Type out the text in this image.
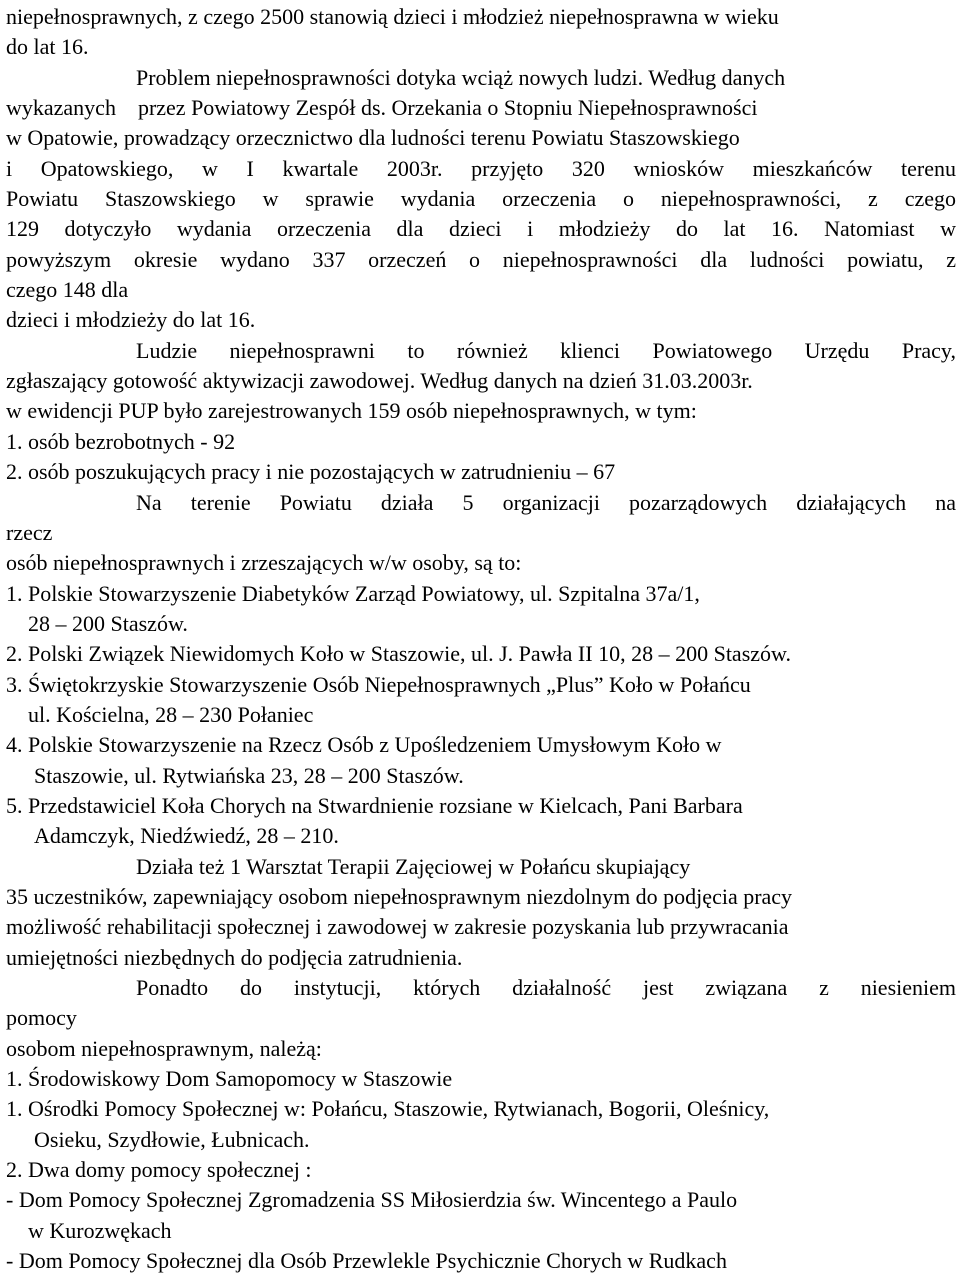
niepełnosprawnych, z czego 2500 stanowią dzieci i młodzież niepełnosprawna w wieku
do lat 16.
Problem niepełnosprawności dotyka wciąż nowych ludzi. Według danych
wykazanych    przez Powiatowy Zespół ds. Orzekania o Stopniu Niepełnosprawności
w Opatowie, prowadzący orzecznictwo dla ludności terenu Powiatu Staszowskiego
i Opatowskiego, w I kwartale 2003r. przyjęto 320 wniosków mieszkańców terenu
Powiatu Staszowskiego w sprawie wydania orzeczenia o niepełnosprawności, z czego
129 dotyczyło wydania orzeczenia dla dzieci i młodzieży do lat 16. Natomiast w
powyższym okresie wydano 337 orzeczeń o niepełnosprawności dla ludności powiatu, z
czego 148 dla
dzieci i młodzieży do lat 16.
Ludzie niepełnosprawni to również klienci Powiatowego Urzędu Pracy,
zgłaszający gotowość aktywizacji zawodowej. Według danych na dzień 31.03.2003r.
w ewidencji PUP było zarejestrowanych 159 osób niepełnosprawnych, w tym:
1. osób bezrobotnych - 92
2. osób poszukujących pracy i nie pozostających w zatrudnieniu – 67
Na terenie Powiatu działa 5 organizacji pozarządowych działających na
rzecz
osób niepełnosprawnych i zrzeszających w/w osoby, są to:
1. Polskie Stowarzyszenie Diabetyków Zarząd Powiatowy, ul. Szpitalna 37a/1,
28 – 200 Staszów.
2. Polski Związek Niewidomych Koło w Staszowie, ul. J. Pawła II 10, 28 – 200 Staszów.
3. Świętokrzyskie Stowarzyszenie Osób Niepełnosprawnych „Plus” Koło w Połańcu
ul. Kościelna, 28 – 230 Połaniec
4. Polskie Stowarzyszenie na Rzecz Osób z Upośledzeniem Umysłowym Koło w
Staszowie, ul. Rytwiańska 23, 28 – 200 Staszów.
5. Przedstawiciel Koła Chorych na Stwardnienie rozsiane w Kielcach, Pani Barbara
Adamczyk, Niedźwiedź, 28 – 210.
Działa też 1 Warsztat Terapii Zajęciowej w Połańcu skupiający
35 uczestników, zapewniający osobom niepełnosprawnym niezdolnym do podjęcia pracy
możliwość rehabilitacji społecznej i zawodowej w zakresie pozyskania lub przywracania
umiejętności niezbędnych do podjęcia zatrudnienia.
Ponadto do instytucji, których działalność jest związana z niesieniem
pomocy
osobom niepełnosprawnym, należą:
1. Środowiskowy Dom Samopomocy w Staszowie
1. Ośrodki Pomocy Społecznej w: Połańcu, Staszowie, Rytwianach, Bogorii, Oleśnicy,
Osieku, Szydłowie, Łubnicach.
2. Dwa domy pomocy społecznej :
- Dom Pomocy Społecznej Zgromadzenia SS Miłosierdzia św. Wincentego a Paulo
w Kurozwękach
- Dom Pomocy Społecznej dla Osób Przewlekle Psychicznie Chorych w Rudkach
